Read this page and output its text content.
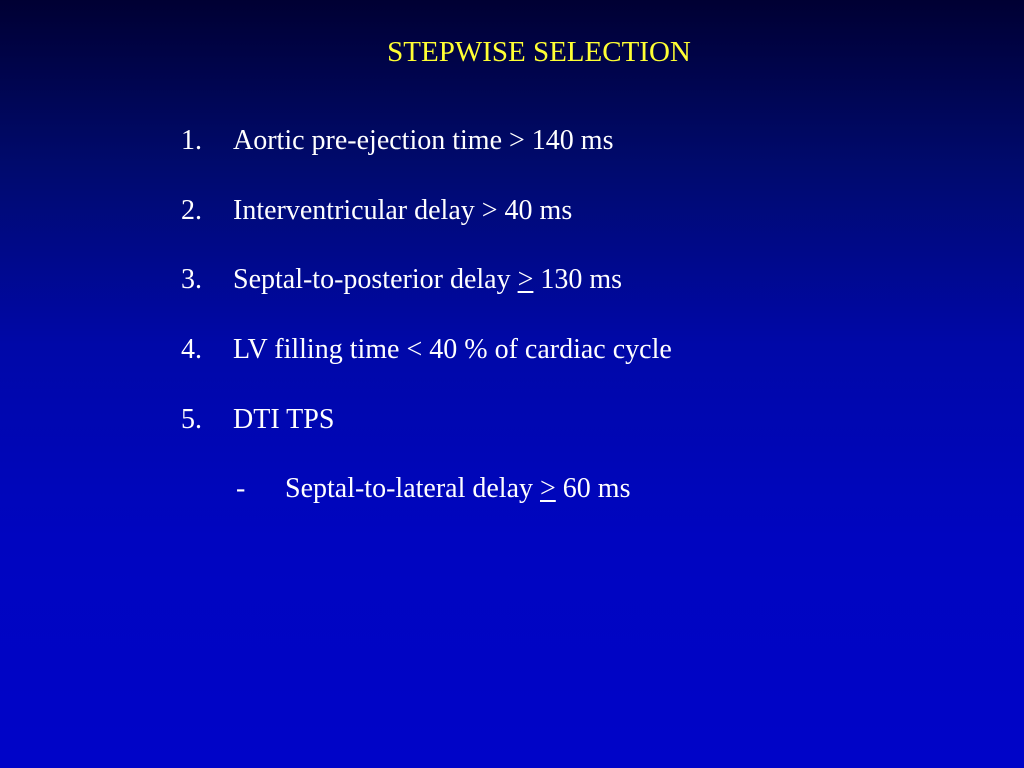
STEPWISE SELECTION
1. Aortic pre-ejection time > 140 ms
2. Interventricular delay > 40 ms
3. Septal-to-posterior delay ≥ 130 ms
4. LV filling time < 40 % of cardiac cycle
5. DTI TPS
- Septal-to-lateral delay ≥ 60 ms
